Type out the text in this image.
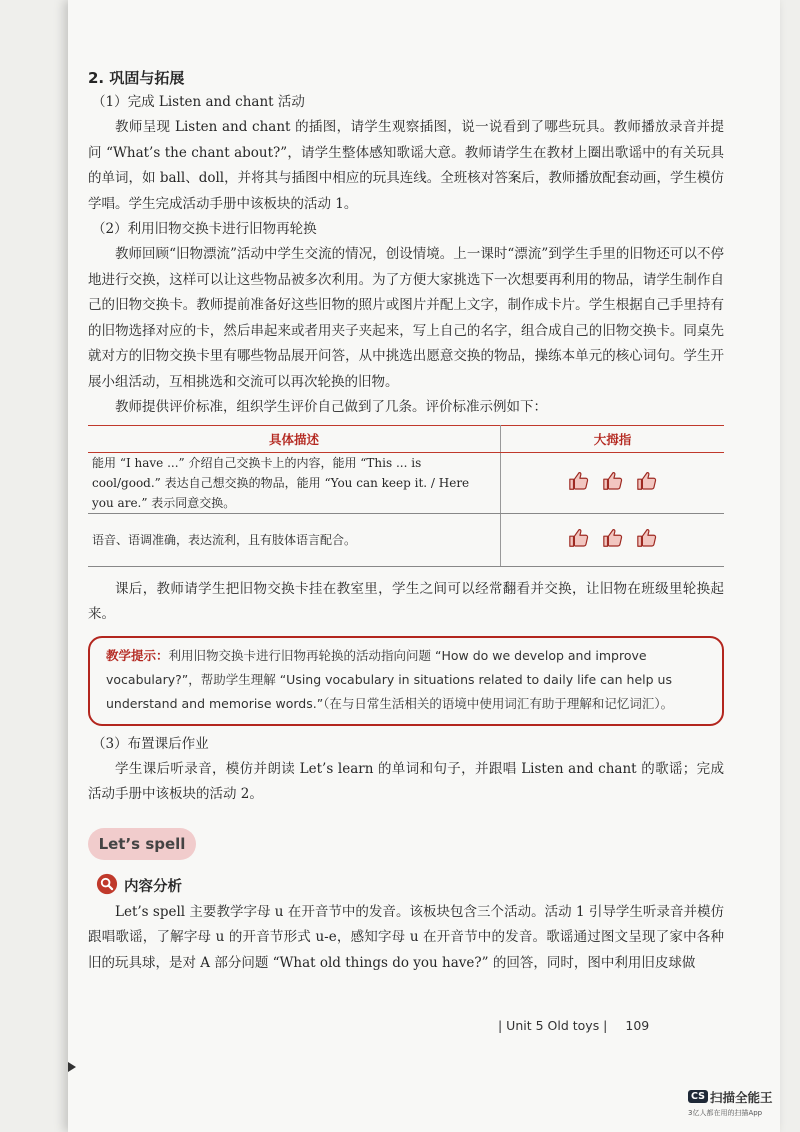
2. 巩固与拓展

（1）完成 Listen and chant 活动

教师呈现 Listen and chant 的插图，请学生观察插图，说一说看到了哪些玩具。教师播放录音并提问 “What’s the chant about?”，请学生整体感知歌谣大意。教师请学生在教材上圈出歌谣中的有关玩具的单词，如 ball、doll，并将其与插图中相应的玩具连线。全班核对答案后，教师播放配套动画，学生模仿学唱。学生完成活动手册中该板块的活动 1。

（2）利用旧物交换卡进行旧物再轮换

教师回顾“旧物漂流”活动中学生交流的情况，创设情境。上一课时“漂流”到学生手里的旧物还可以不停地进行交换，这样可以让这些物品被多次利用。为了方便大家挑选下一次想要再利用的物品，请学生制作自己的旧物交换卡。教师提前准备好这些旧物的照片或图片并配上文字，制作成卡片。学生根据自己手里持有的旧物选择对应的卡，然后串起来或者用夹子夹起来，写上自己的名字，组合成自己的旧物交换卡。同桌先就对方的旧物交换卡里有哪些物品展开问答，从中挑选出愿意交换的物品，操练本单元的核心词句。学生开展小组活动，互相挑选和交流可以再次轮换的旧物。

教师提供评价标准，组织学生评价自己做到了几条。评价标准示例如下：

具体描述	大拇指
能用 “I have ...” 介绍自己交换卡上的内容，能用 “This ... is cool/good.” 表达自己想交换的物品，能用 “You can keep it. / Here you are.” 表示同意交换。	
语音、语调准确，表达流利，且有肢体语言配合。	

课后，教师请学生把旧物交换卡挂在教室里，学生之间可以经常翻看并交换，让旧物在班级里轮换起来。

教学提示：利用旧物交换卡进行旧物再轮换的活动指向问题 “How do we develop and improve vocabulary?”，帮助学生理解 “Using vocabulary in situations related to daily life can help us understand and memorise words.”（在与日常生活相关的语境中使用词汇有助于理解和记忆词汇）。

（3）布置课后作业

学生课后听录音，模仿并朗读 Let’s learn 的单词和句子，并跟唱 Listen and chant 的歌谣；完成活动手册中该板块的活动 2。

Let’s spell
内容分析

Let’s spell 主要教学字母 u 在开音节中的发音。该板块包含三个活动。活动 1 引导学生听录音并模仿跟唱歌谣，了解字母 u 的开音节形式 u-e，感知字母 u 在开音节中的发音。歌谣通过图文呈现了家中各种旧的玩具球，是对 A 部分问题 “What old things do you have?” 的回答，同时，图中利用旧皮球做

| Unit 5 Old toys | 109
CS 扫描全能王
3亿人都在用的扫描App
